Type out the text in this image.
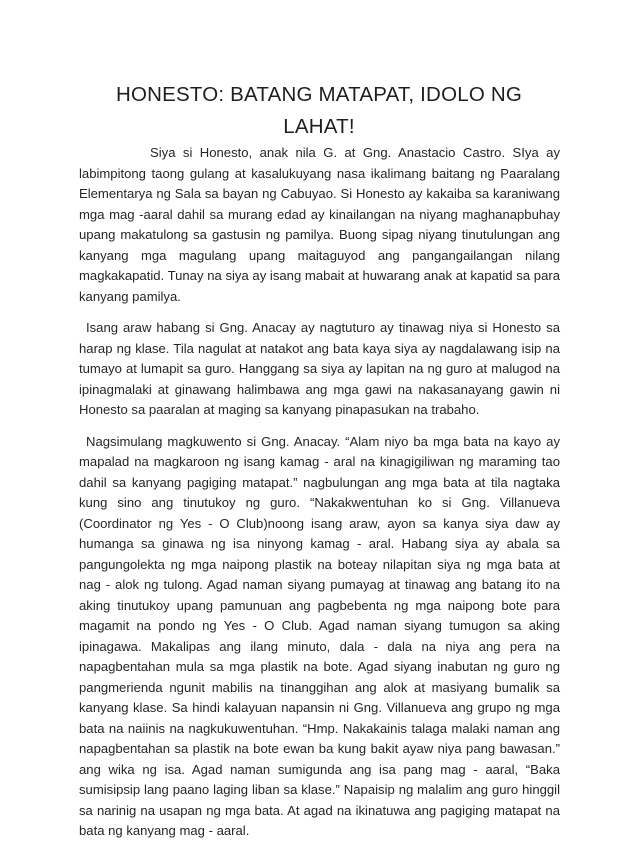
HONESTO: BATANG MATAPAT, IDOLO NG LAHAT!

Siya si Honesto, anak nila G. at Gng. Anastacio Castro. SIya ay labimpitong taong gulang at kasalukuyang nasa ikalimang baitang ng Paaralang Elementarya ng Sala sa bayan ng Cabuyao. Si Honesto ay kakaiba sa karaniwang mga mag -aaral dahil sa murang edad ay kinailangan na niyang maghanapbuhay upang makatulong sa gastusin ng pamilya. Buong sipag niyang tinutulungan ang kanyang mga magulang upang maitaguyod ang pangangailangan nilang magkakapatid. Tunay na siya ay isang mabait at huwarang anak at kapatid sa para kanyang pamilya.

Isang araw habang si Gng. Anacay ay nagtuturo ay tinawag niya si Honesto sa harap ng klase. Tila nagulat at natakot ang bata kaya siya ay nagdalawang isip na tumayo at lumapit sa guro. Hanggang sa siya ay lapitan na ng guro at malugod na ipinagmalaki at ginawang halimbawa ang mga gawi na nakasanayang gawin ni Honesto sa paaralan at maging sa kanyang pinapasukan na trabaho.

Nagsimulang magkuwento si Gng. Anacay. “Alam niyo ba mga bata na kayo ay mapalad na magkaroon ng isang kamag - aral na kinagigiliwan ng maraming tao dahil sa kanyang pagiging matapat.” nagbulungan ang mga bata at tila nagtaka kung sino ang tinutukoy ng guro. “Nakakwentuhan ko si Gng. Villanueva (Coordinator ng Yes - O Club)noong isang araw, ayon sa kanya siya daw ay humanga sa ginawa ng isa ninyong kamag - aral. Habang siya ay abala sa pangungolekta ng mga naipong plastik na boteay nilapitan siya ng mga bata at nag - alok ng tulong. Agad naman siyang pumayag at tinawag ang batang ito na aking tinutukoy upang pamunuan ang pagbebenta ng mga naipong bote para magamit na pondo ng Yes - O Club. Agad naman siyang tumugon sa aking ipinagawa. Makalipas ang ilang minuto, dala - dala na niya ang pera na napagbentahan mula sa mga plastik na bote. Agad siyang inabutan ng guro ng pangmerienda ngunit mabilis na tinanggihan ang alok at masiyang bumalik sa kanyang klase. Sa hindi kalayuan napansin ni Gng. Villanueva ang grupo ng mga bata na naiinis na nagkukuwentuhan. “Hmp. Nakakainis talaga malaki naman ang napagbentahan sa plastik na bote ewan ba kung bakit ayaw niya pang bawasan.” ang wika ng isa. Agad naman sumigunda ang isa pang mag - aaral, “Baka sumisipsip lang paano laging liban sa klase.” Napaisip ng malalim ang guro hinggil sa narinig na usapan ng mga bata. At agad na ikinatuwa ang pagiging matapat na bata ng kanyang mag - aaral.
